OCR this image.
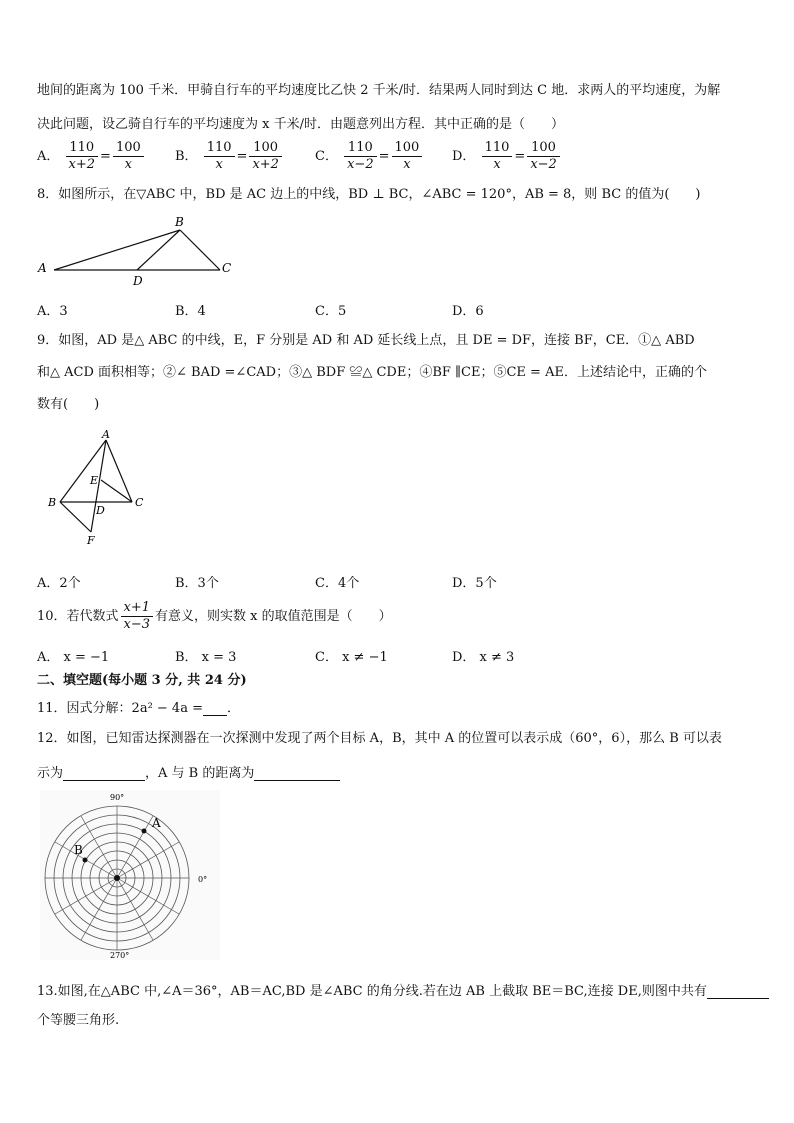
地间的距离为 100 千米．甲骑自行车的平均速度比乙快 2 千米/时．结果两人同时到达 C 地．求两人的平均速度，为解
决此问题，设乙骑自行车的平均速度为 x 千米/时．由题意列出方程．其中正确的是（　　）
A． $\frac{110}{x+2} = \frac{100}{x}$ B． $\frac{110}{x} = \frac{100}{x+2}$	C． $\frac{110}{x-2} = \frac{100}{x}$ D． $\frac{110}{x} = \frac{100}{x-2}$
8．如图所示，在▽ABC 中，BD 是 AC 边上的中线，BD ⊥ BC，∠ABC = 120°，AB = 8，则 BC 的值为(　　)
A
B
C
D
A．3	B．4	C．5	D．6
9．如图，AD 是△ ABC 的中线，E，F 分别是 AD 和 AD 延长线上点，且 DE = DF，连接 BF，CE．①△ ABD
和△ ACD 面积相等；②∠ BAD =∠CAD；③△ BDF ≌△ CDE；④BF ∥CE；⑤CE = AE．上述结论中，正确的个
数有(　　)
A
B	C
D
E
F
A．2个	B．3个	C．4个	D．5个
10．若代数式 $\frac{x+1}{x-3}$ 有意义，则实数 x 的取值范围是（　　）
A． x = −1	B． x = 3	C． x ≠ −1	D． x ≠ 3
二、填空题(每小题 3 分, 共 24 分)
11．因式分解：2a² − 4a = ．
12．如图，已知雷达探测器在一次探测中发现了两个目标 A，B，其中 A 的位置可以表示成（60°，6），那么 B 可以表
示为	，A 与 B 的距离为
90°
0°
270°
A
B
13.如图,在△ABC 中,∠A＝36°，AB＝AC,BD 是∠ABC 的角分线.若在边 AB 上截取 BE＝BC,连接 DE,则图中共有
个等腰三角形.
